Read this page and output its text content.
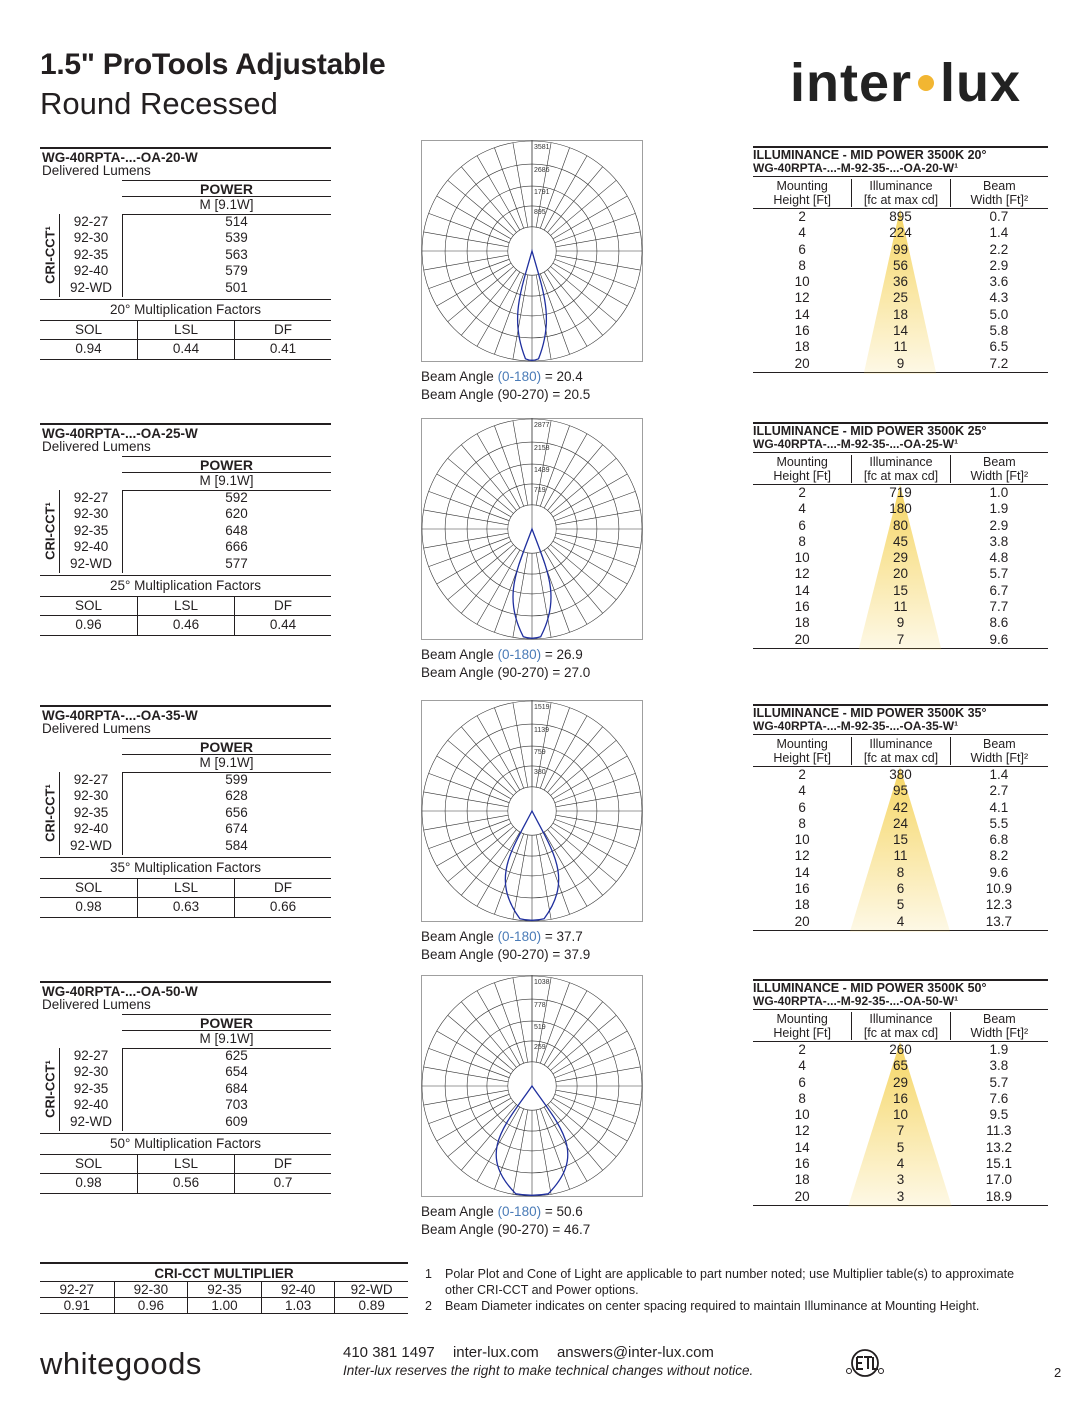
1.5" ProTools Adjustable
Round Recessed	inter lux
WG-40RPTA-...-OA-20-W
Delivered Lumens
POWER
M [9.1W]
CRI-CCT¹
92-27	514
92-30	539
92-35	563
92-40	579
92-WD	501
20° Multiplication Factors
SOL	LSL	DF
0.94	0.44	0.41
3581
2686
1791
895
Beam Angle (0-180) = 20.4
Beam Angle (90-270) = 20.5
ILLUMINANCE - MID POWER 3500K 20°
WG-40RPTA-...-M-92-35-...-OA-20-W¹
Mounting
Height [Ft]
Illuminance
[fc at max cd]
Beam
Width [Ft]²
2	895	0.7
4	224	1.4
6	99	2.2
8	56	2.9
10	36	3.6
12	25	4.3
14	18	5.0
16	14	5.8
18	11	6.5
20	9	7.2
WG-40RPTA-...-OA-25-W
Delivered Lumens
POWER
M [9.1W]
CRI-CCT¹
92-27	592
92-30	620
92-35	648
92-40	666
92-WD	577
25° Multiplication Factors
SOL	LSL	DF
0.96	0.46	0.44
2877
2158
1439
719
Beam Angle (0-180) = 26.9
Beam Angle (90-270) = 27.0
ILLUMINANCE - MID POWER 3500K 25°
WG-40RPTA-...-M-92-35-...-OA-25-W¹
Mounting
Height [Ft]
Illuminance
[fc at max cd]
Beam
Width [Ft]²
2	719	1.0
4	180	1.9
6	80	2.9
8	45	3.8
10	29	4.8
12	20	5.7
14	15	6.7
16	11	7.7
18	9	8.6
20	7	9.6
WG-40RPTA-...-OA-35-W
Delivered Lumens
POWER
M [9.1W]
CRI-CCT¹
92-27	599
92-30	628
92-35	656
92-40	674
92-WD	584
35° Multiplication Factors
SOL	LSL	DF
0.98	0.63	0.66
1519
1139
759
380
Beam Angle (0-180) = 37.7
Beam Angle (90-270) = 37.9
ILLUMINANCE - MID POWER 3500K 35°
WG-40RPTA-...-M-92-35-...-OA-35-W¹
Mounting
Height [Ft]
Illuminance
[fc at max cd]
Beam
Width [Ft]²
2	380	1.4
4	95	2.7
6	42	4.1
8	24	5.5
10	15	6.8
12	11	8.2
14	8	9.6
16	6	10.9
18	5	12.3
20	4	13.7
WG-40RPTA-...-OA-50-W
Delivered Lumens
POWER
M [9.1W]
CRI-CCT¹
92-27	625
92-30	654
92-35	684
92-40	703
92-WD	609
50° Multiplication Factors
SOL	LSL	DF
0.98	0.56	0.7
1038
778
519
259
Beam Angle (0-180) = 50.6
Beam Angle (90-270) = 46.7
ILLUMINANCE - MID POWER 3500K 50°
WG-40RPTA-...-M-92-35-...-OA-50-W¹
Mounting
Height [Ft]
Illuminance
[fc at max cd]
Beam
Width [Ft]²
2	260	1.9
4	65	3.8
6	29	5.7
8	16	7.6
10	10	9.5
12	7	11.3
14	5	13.2
16	4	15.1
18	3	17.0
20	3	18.9
CRI-CCT MULTIPLIER
92-27	92-30	92-35	92-40	92-WD
0.91	0.96	1.00	1.03	0.89
1	Polar Plot and Cone of Light are applicable to part number noted; use Multiplier table(s) to approximate other CRI-CCT and Power options.
2	Beam Diameter indicates on center spacing required to maintain Illuminance at Mounting Height.
whitegoods	410 381 1497 inter-lux.com answers@inter-lux.com
Inter-lux reserves the right to make technical changes without notice.	2
